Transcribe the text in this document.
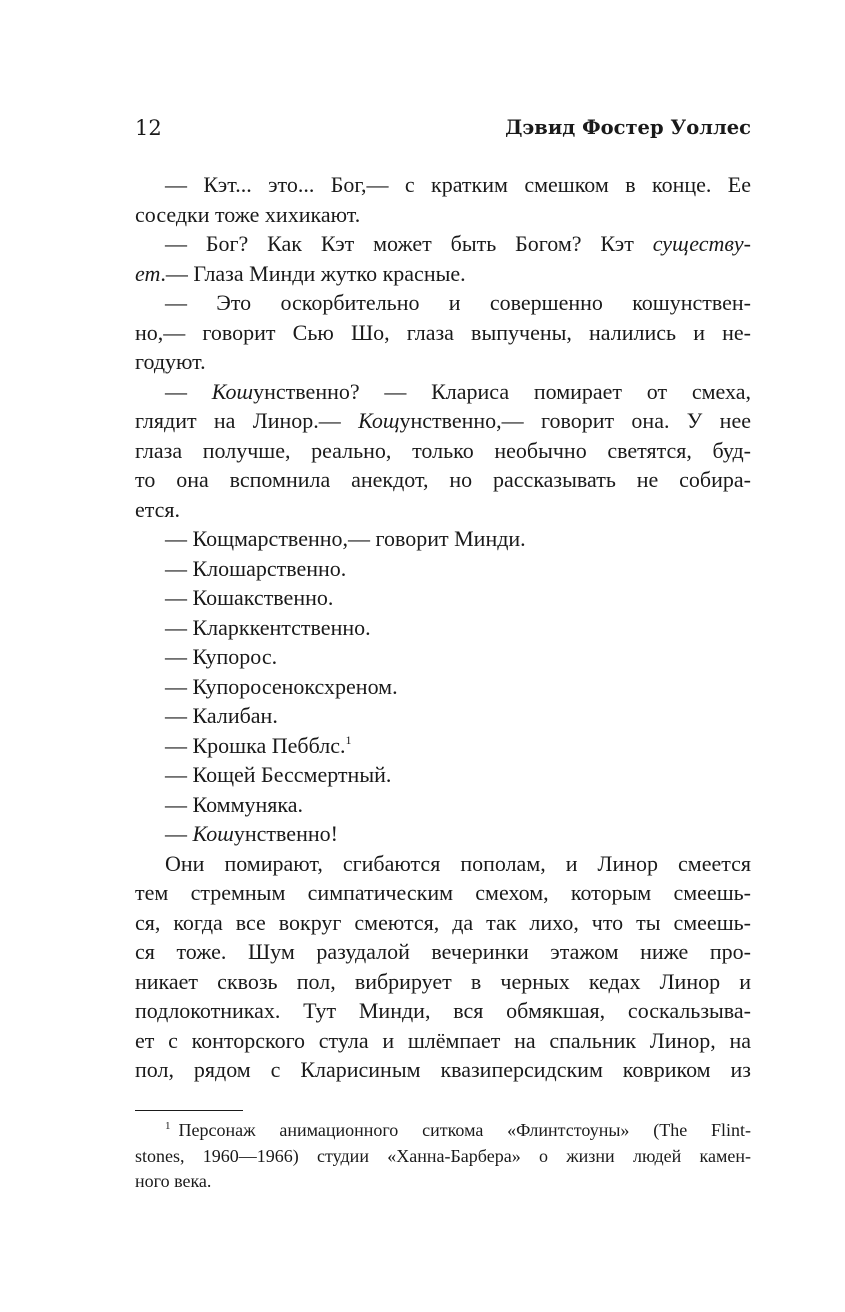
12	Дэвид Фостер Уоллес
— Кэт... это... Бог,— с кратким смешком в конце. Ее
соседки тоже хихикают.
— Бог? Как Кэт может быть Богом? Кэт существу-
ет.— Глаза Минди жутко красные.
— Это оскорбительно и совершенно кошунствен-
но,— говорит Сью Шо, глаза выпучены, налились и не-
годуют.
— Кошунственно? — Клариса помирает от смеха,
глядит на Линор.— Кощунственно,— говорит она. У нее
глаза получше, реально, только необычно светятся, буд-
то она вспомнила анекдот, но рассказывать не собира-
ется.
— Кощмарственно,— говорит Минди.
— Клошарственно.
— Кошакственно.
— Кларккентственно.
— Купорос.
— Купоросеноксхреном.
— Калибан.
— Крошка Пебблс.$^1$
— Кощей Бессмертный.
— Коммуняка.
— Кошунственно!
Они помирают, сгибаются пополам, и Линор смеется
тем стремным симпатическим смехом, которым смеешь-
ся, когда все вокруг смеются, да так лихо, что ты смеешь-
ся тоже. Шум разудалой вечеринки этажом ниже про-
никает сквозь пол, вибрирует в черных кедах Линор и
подлокотниках. Тут Минди, вся обмякшая, соскальзыва-
ет с конторского стула и шлёмпает на спальник Линор, на
пол, рядом с Кларисиным квазиперсидским ковриком из
$^1$ Персонаж анимационного ситкома «Флинтстоуны» (The Flint-
stones, 1960—1966) студии «Ханна-Барбера» о жизни людей камен-
ного века.
